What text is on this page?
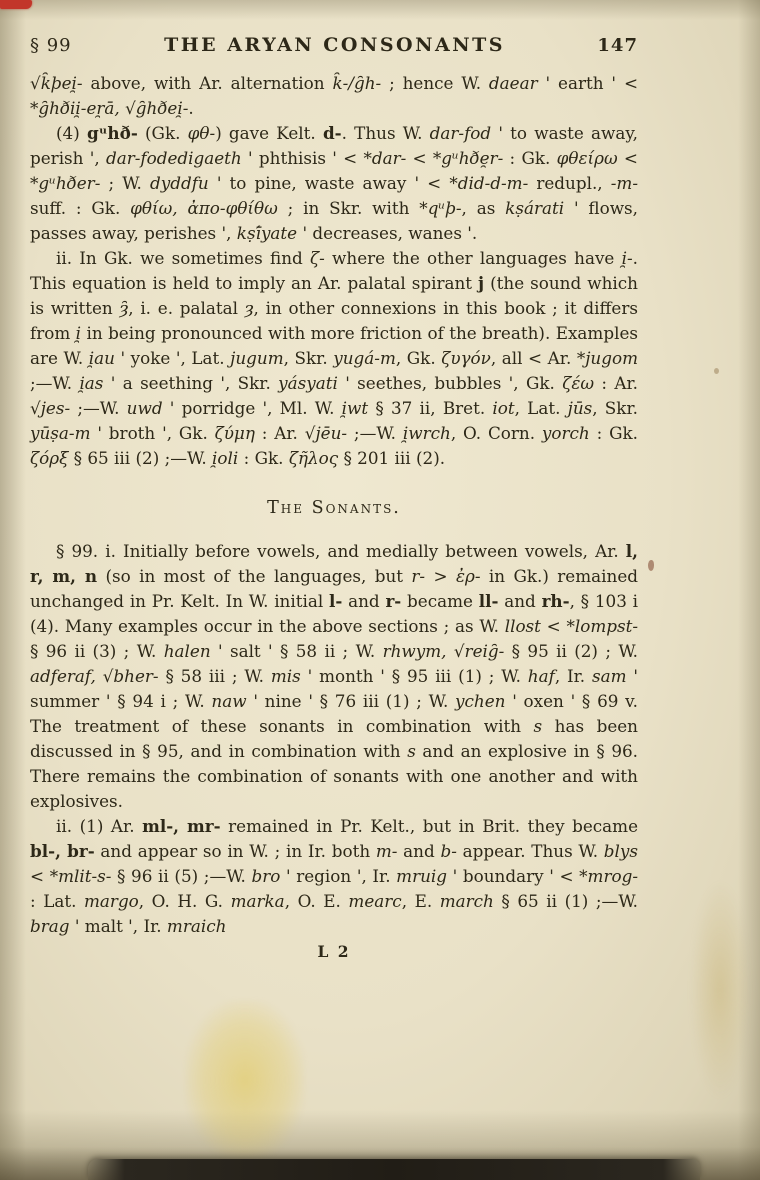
§ 99	THE ARYAN CONSONANTS	147

√k̑þei̯- above, with Ar. alternation k̑-/g̑h- ; hence W. daear ' earth ' < *g̑hðii̯-er̯ā, √g̑hðei̯-.

(4) gᵘhð- (Gk. φθ-) gave Kelt. d-. Thus W. dar-fod ' to waste away, perish ', dar-fodedigaeth ' phthisis ' < *dar- < *gᵘhðe̯r- : Gk. φθείρω < *gᵘhðer- ; W. dyddfu ' to pine, waste away ' < *did-d-m- redupl., -m- suff. : Gk. φθίω, ἀπο-φθίθω ; in Skr. with *qᵘþ-, as kṣárati ' flows, passes away, perishes ', kṣī́yate ' decreases, wanes '.

ii. In Gk. we sometimes find ζ- where the other languages have i̯-. This equation is held to imply an Ar. palatal spirant j (the sound which is written ȝ̑, i. e. palatal ȝ, in other connexions in this book ; it differs from i̯ in being pronounced with more friction of the breath). Examples are W. i̯au ' yoke ', Lat. jugum, Skr. yugá-m, Gk. ζυγόν, all < Ar. *jugom ;—W. i̯as ' a seething ', Skr. yásyati ' seethes, bubbles ', Gk. ζέω : Ar. √jes- ;—W. uwd ' porridge ', Ml. W. i̯wt § 37 ii, Bret. iot, Lat. jūs, Skr. yūṣa-m ' broth ', Gk. ζύμη : Ar. √jēu- ;—W. i̯wrch, O. Corn. yorch : Gk. ζόρξ § 65 iii (2) ;—W. i̯oli : Gk. ζῆλος § 201 iii (2).

The Sonants.

§ 99. i. Initially before vowels, and medially between vowels, Ar. l, r, m, n (so in most of the languages, but r- > ἐρ- in Gk.) remained unchanged in Pr. Kelt. In W. initial l- and r- became ll- and rh-, § 103 i (4). Many examples occur in the above sections ; as W. llost < *lompst- § 96 ii (3) ; W. halen ' salt ' § 58 ii ; W. rhwym, √reig̑- § 95 ii (2) ; W. adferaf, √bher- § 58 iii ; W. mis ' month ' § 95 iii (1) ; W. haf, Ir. sam ' summer ' § 94 i ; W. naw ' nine ' § 76 iii (1) ; W. ychen ' oxen ' § 69 v. The treatment of these sonants in combination with s has been discussed in § 95, and in combination with s and an explosive in § 96. There remains the combination of sonants with one another and with explosives.

ii. (1) Ar. ml-, mr- remained in Pr. Kelt., but in Brit. they became bl-, br- and appear so in W. ; in Ir. both m- and b- appear. Thus W. blys < *mlit-s- § 96 ii (5) ;—W. bro ' region ', Ir. mruig ' boundary ' < *mrog- : Lat. margo, O. H. G. marka, O. E. mearc, E. march § 65 ii (1) ;—W. brag ' malt ', Ir. mraich

L 2
